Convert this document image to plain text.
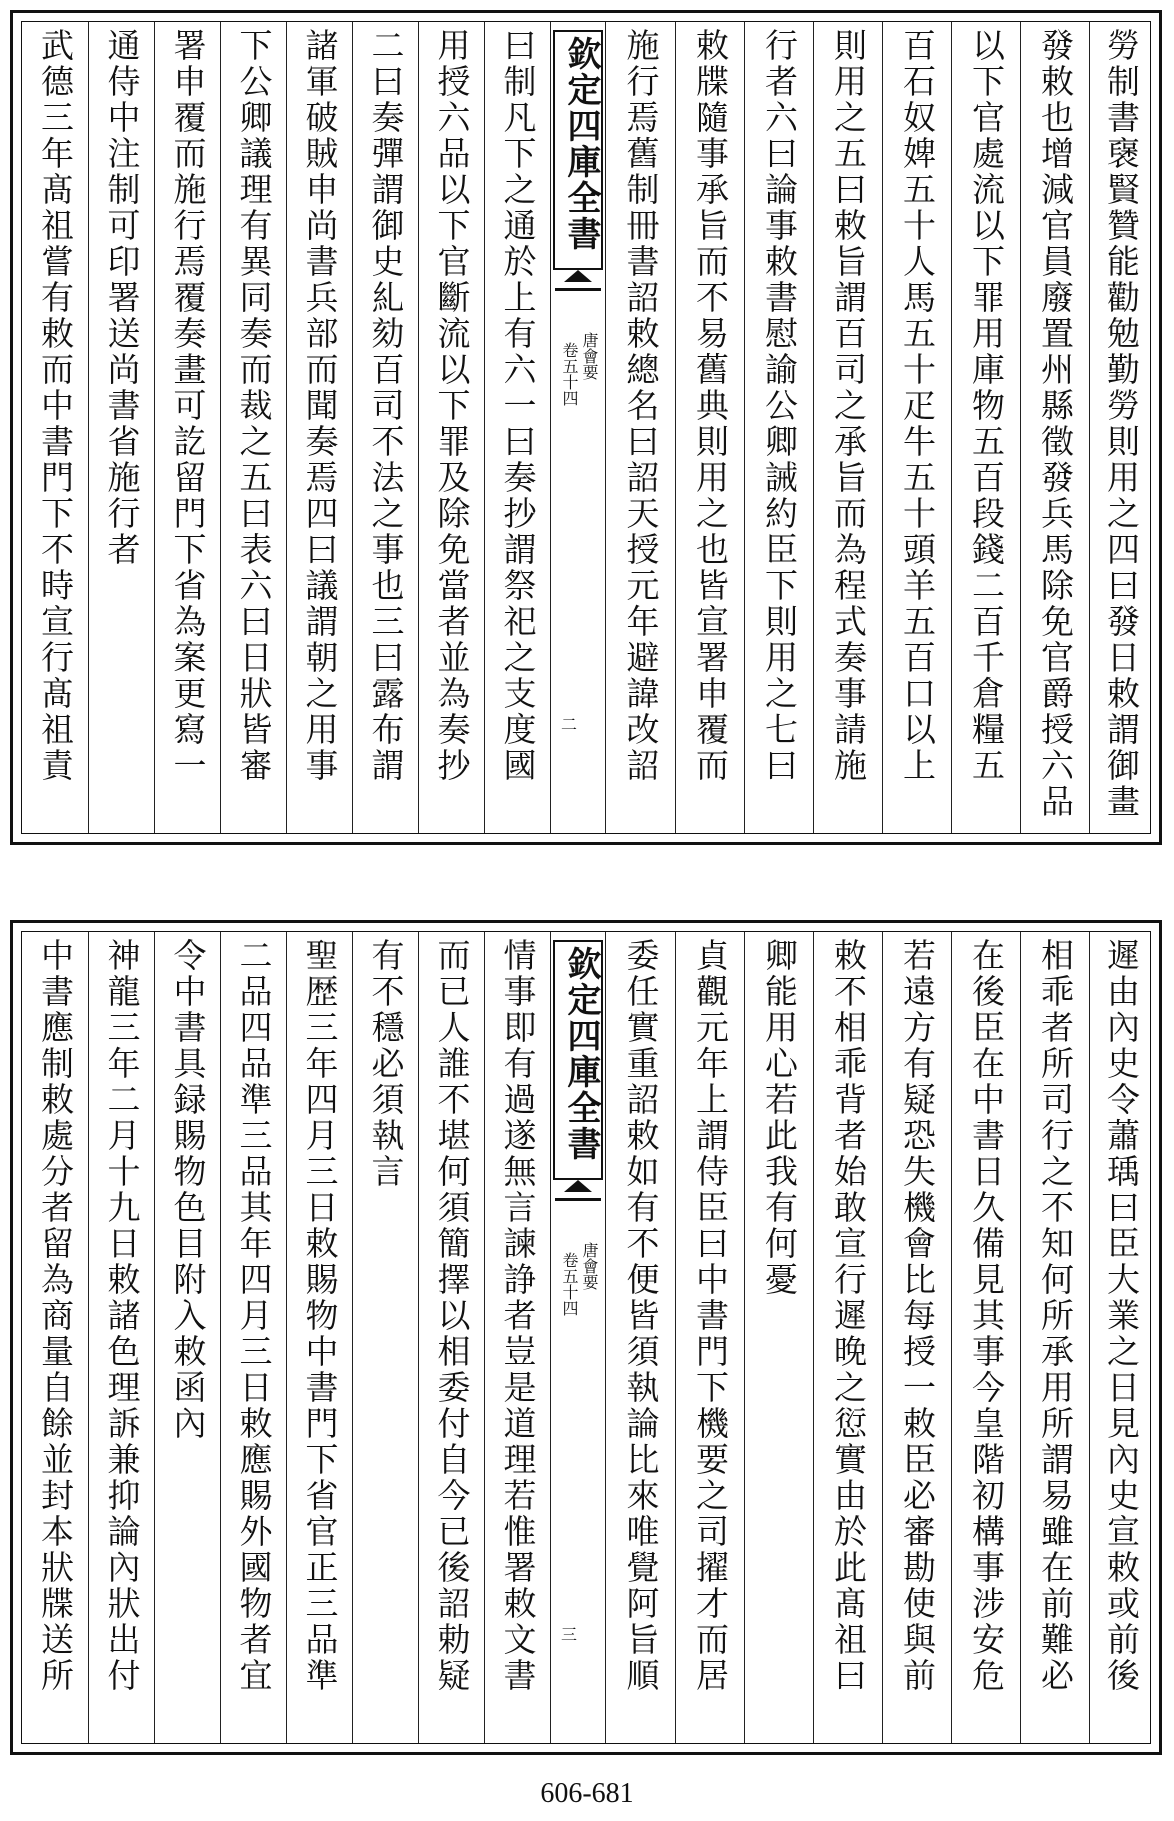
武德三年髙祖嘗有敕而中書門下不時宣行髙祖責 通侍中注制可印署送尚書省施行者 署申覆而施行焉覆奏畫可訖留門下省為案更寫一 下公卿議理有異同奏而裁之五曰表六曰日狀皆審 諸軍破賊申尚書兵部而聞奏焉四曰議謂朝之用事 二曰奏彈謂御史糺劾百司不法之事也三曰露布謂 用授六品以下官斷流以下罪及除免當者並為奏抄 曰制凡下之通於上有六一曰奏抄謂祭祀之支度國 欽定四庫全書
唐會要
卷五十四
二	施行焉舊制冊書詔敕總名曰詔天授元年避諱改詔 敕牒隨事承旨而不易舊典則用之也皆宣署申覆而 行者六曰論事敕書慰諭公卿誡約臣下則用之七曰 則用之五曰敕旨謂百司之承旨而為程式奏事請施 百石奴婢五十人馬五十疋牛五十頭羊五百口以上 以下官處流以下罪用庫物五百段錢二百千倉糧五 發敕也增減官員廢置州縣徵發兵馬除免官爵授六品 勞制書襃賢贊能勸勉勤勞則用之四曰發日敕謂御畫
中書應制敕處分者留為商量自餘並封本狀牒送所 神龍三年二月十九日敕諸色理訴兼抑論內狀出付 令中書具録賜物色目附入敕函內 二品四品準三品其年四月三日敕應賜外國物者宜 聖歴三年四月三日敕賜物中書門下省官正三品準 有不穩必須執言 而已人誰不堪何須簡擇以相委付自今已後詔勅疑 情事即有過遂無言諫諍者豈是道理若惟署敕文書 欽定四庫全書
唐會要
卷五十四
三	委任實重詔敕如有不便皆須執論比來唯覺阿旨順 貞觀元年上謂侍臣曰中書門下機要之司擢才而居 卿能用心若此我有何憂 敕不相乖背者始敢宣行遲晚之愆實由於此髙祖曰 若遠方有疑恐失機會比每授一敕臣必審勘使與前 在後臣在中書日久備見其事今皇階初構事涉安危 相乖者所司行之不知何所承用所謂易雖在前難必 遲由內史令蕭瑀曰臣大業之日見內史宣敕或前後
606-681
